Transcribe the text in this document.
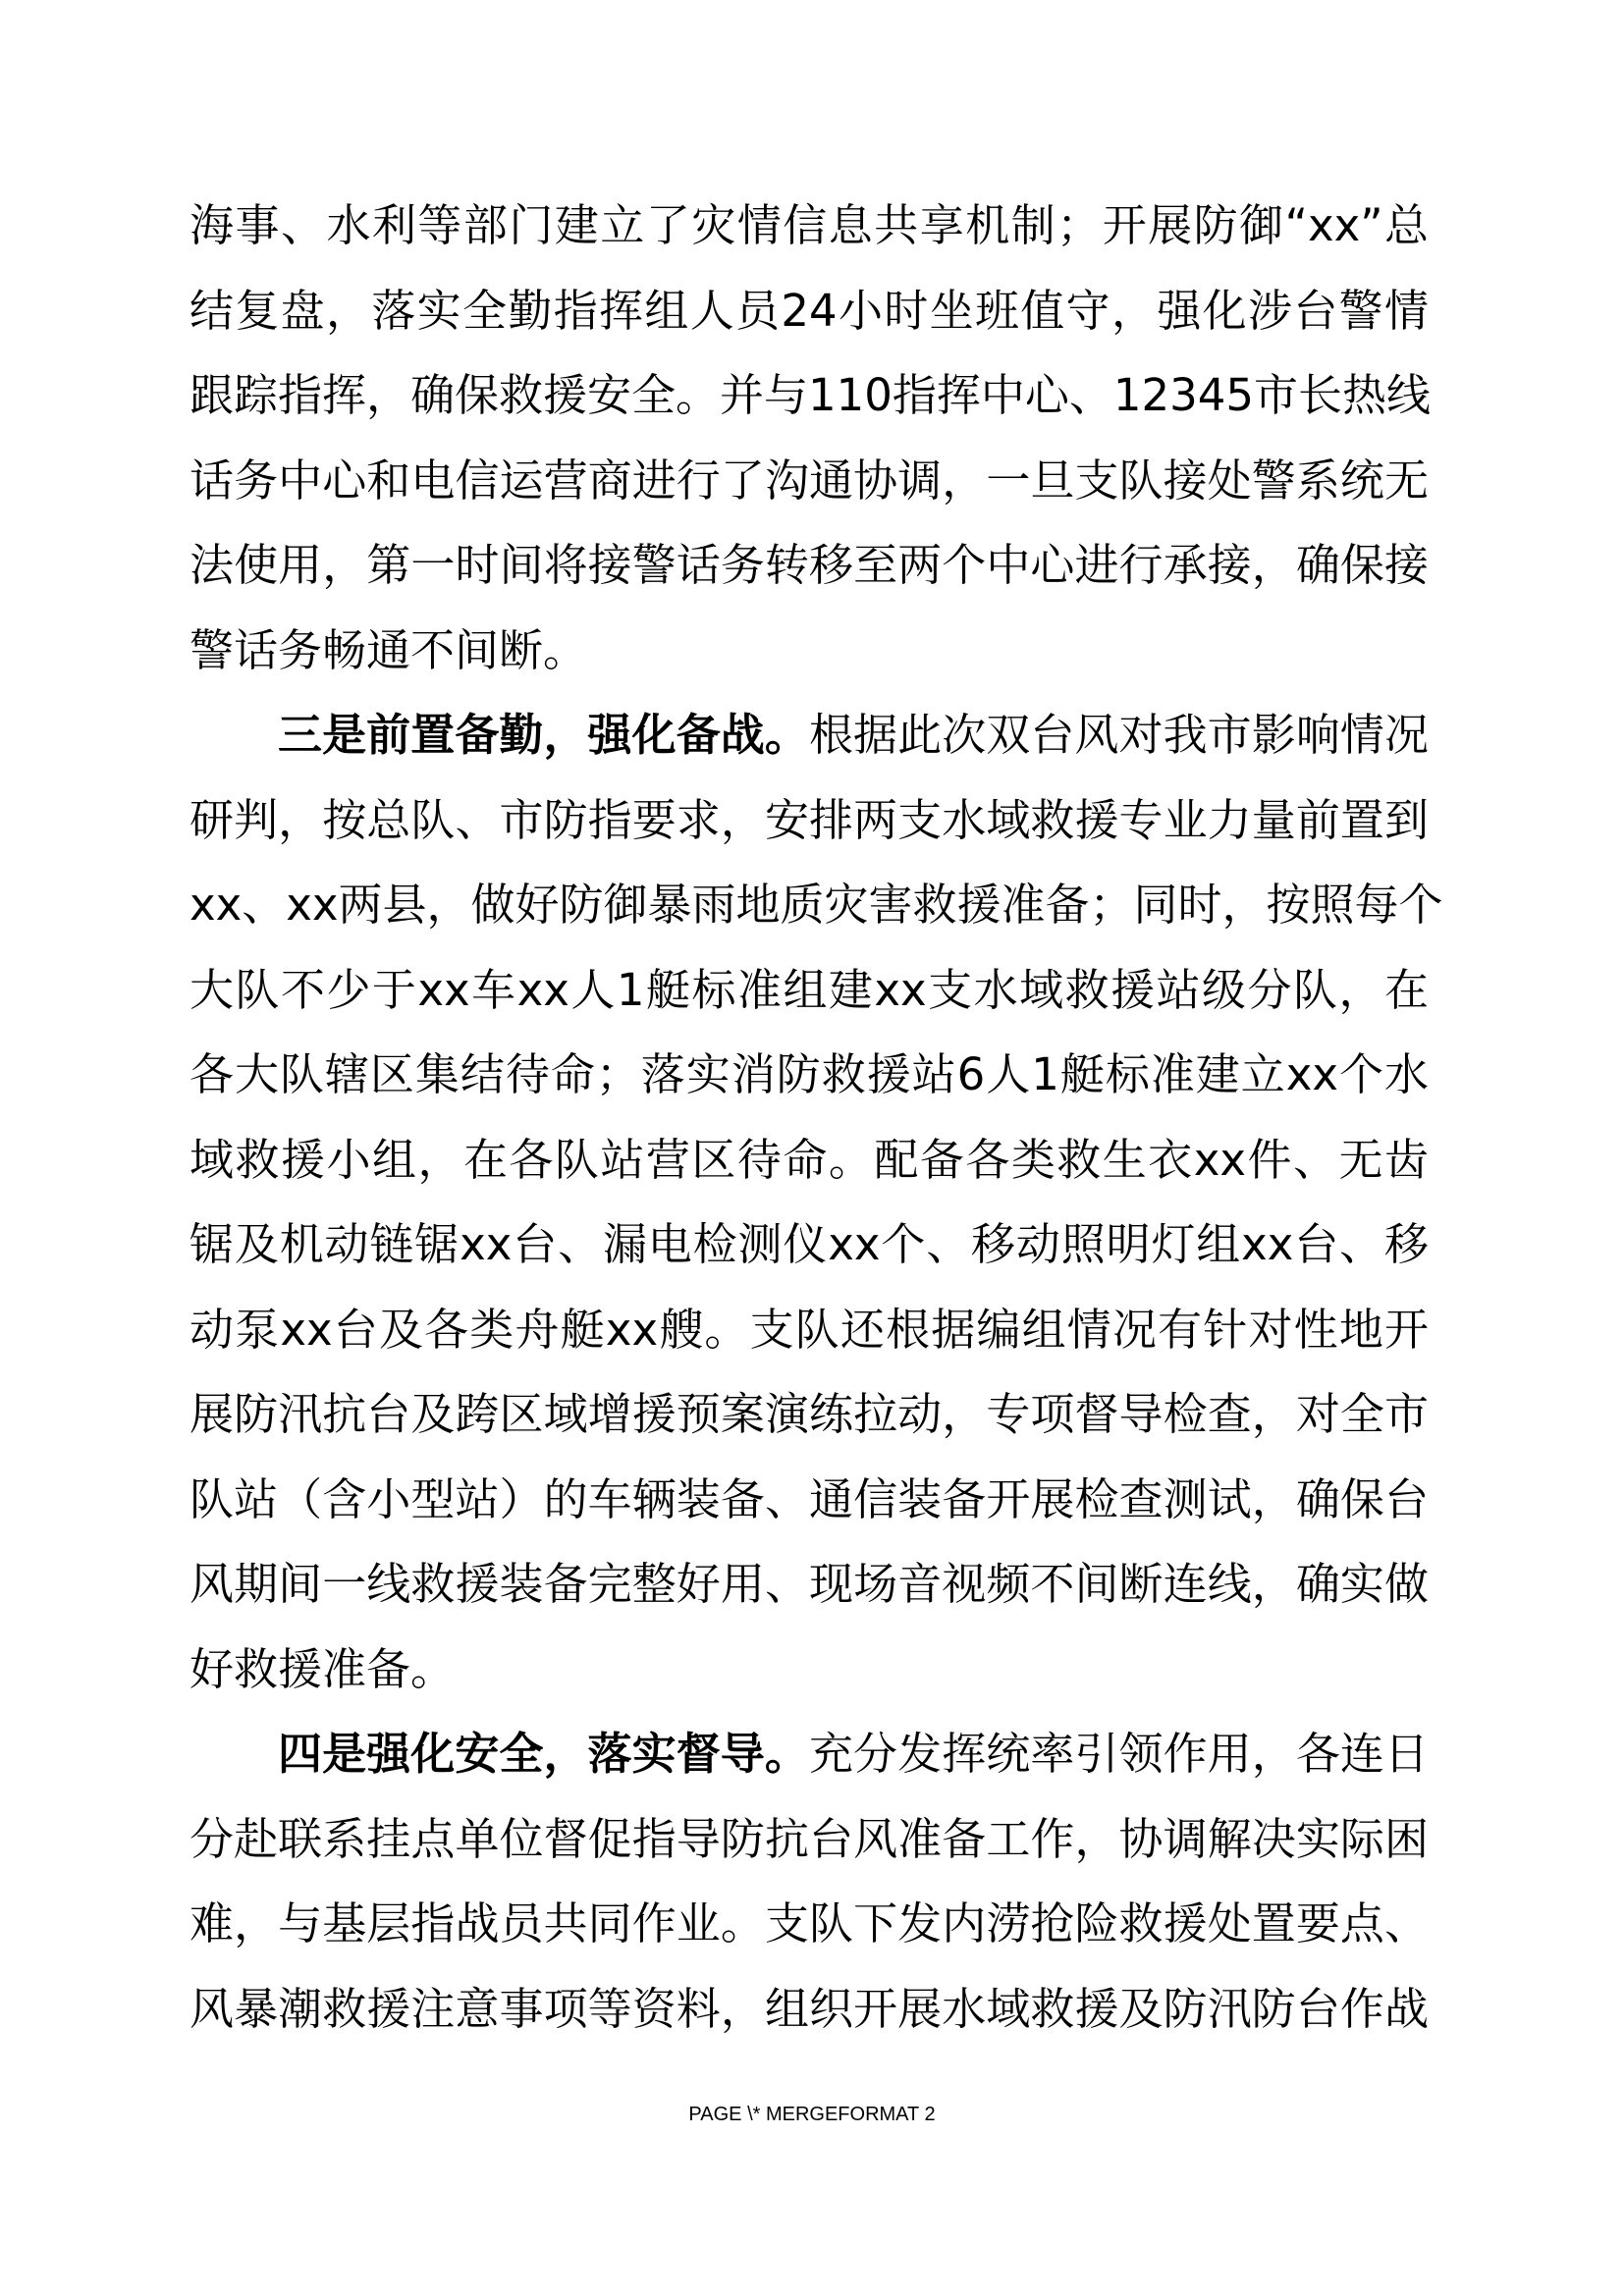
海事、水利等部门建立了灾情信息共享机制；开展防御“xx”总
结复盘，落实全勤指挥组人员24小时坐班值守，强化涉台警情
跟踪指挥，确保救援安全。并与110指挥中心、12345市长热线
话务中心和电信运营商进行了沟通协调，一旦支队接处警系统无
法使用，第一时间将接警话务转移至两个中心进行承接，确保接
警话务畅通不间断。
三是前置备勤，强化备战。根据此次双台风对我市影响情况
研判，按总队、市防指要求，安排两支水域救援专业力量前置到
xx、xx两县，做好防御暴雨地质灾害救援准备；同时，按照每个
大队不少于xx车xx人1艇标准组建xx支水域救援站级分队，在
各大队辖区集结待命；落实消防救援站6人1艇标准建立xx个水
域救援小组，在各队站营区待命。配备各类救生衣xx件、无齿
锯及机动链锯xx台、漏电检测仪xx个、移动照明灯组xx台、移
动泵xx台及各类舟艇xx艘。支队还根据编组情况有针对性地开
展防汛抗台及跨区域增援预案演练拉动，专项督导检查，对全市
队站（含小型站）的车辆装备、通信装备开展检查测试，确保台
风期间一线救援装备完整好用、现场音视频不间断连线，确实做
好救援准备。
四是强化安全，落实督导。充分发挥统率引领作用，各连日
分赴联系挂点单位督促指导防抗台风准备工作，协调解决实际困
难，与基层指战员共同作业。支队下发内涝抢险救援处置要点、
风暴潮救援注意事项等资料，组织开展水域救援及防汛防台作战
PAGE \* MERGEFORMAT 2
